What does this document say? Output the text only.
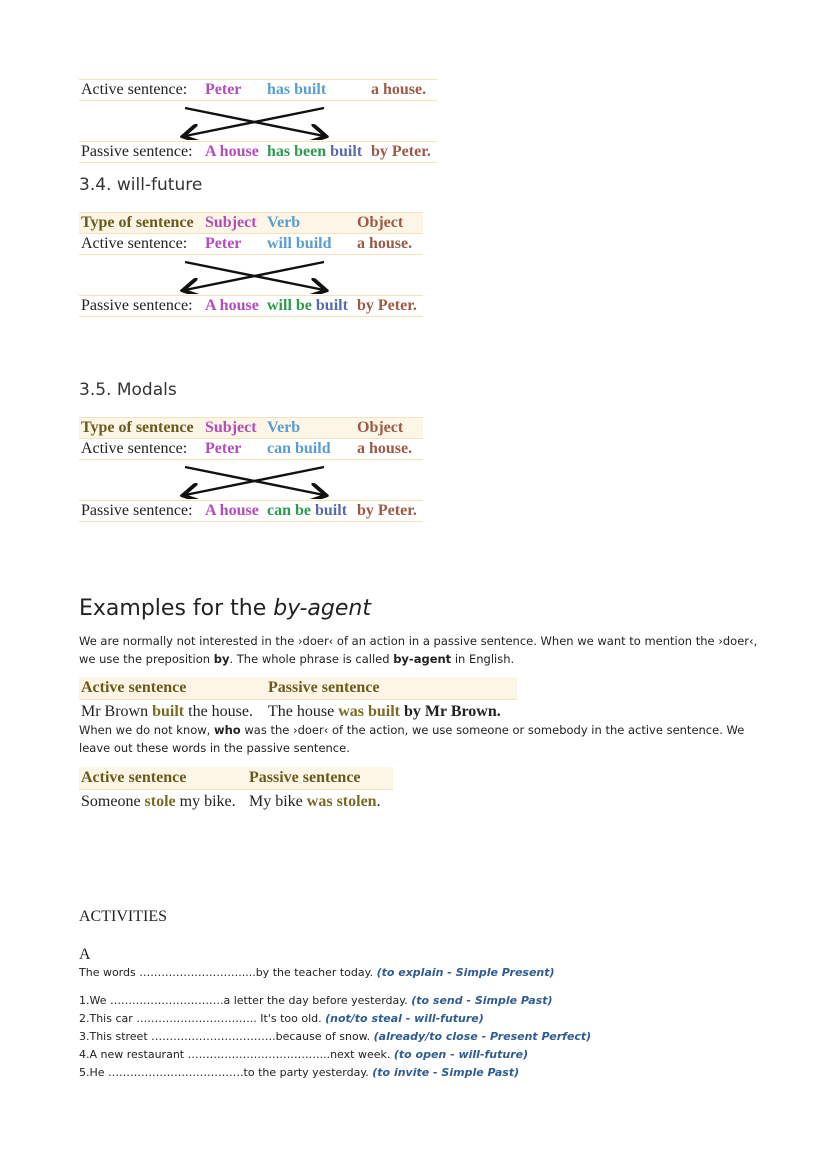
Active sentence:	Peter	has built	a house.

Passive sentence:	A house	has been built	by Peter.
3.4. will-future
Type of sentence	Subject	Verb	Object
Active sentence:	Peter	will build	a house.

Passive sentence:	A house	will be built	by Peter.
3.5. Modals
Type of sentence	Subject	Verb	Object
Active sentence:	Peter	can build	a house.

Passive sentence:	A house	can be built	by Peter.
Examples for the by-agent
We are normally not interested in the ›doer‹ of an action in a passive sentence. When we want to mention the ›doer‹, we use the preposition by. The whole phrase is called by-agent in English.
Active sentence	Passive sentence
Mr Brown built the house.	The house was built by Mr Brown.
When we do not know, who was the ›doer‹ of the action, we use someone or somebody in the active sentence. We leave out these words in the passive sentence.
Active sentence	Passive sentence
Someone stole my bike.	My bike was stolen.
ACTIVITIES
A
The words ……………………….....by the teacher today. (to explain - Simple Present)
1.We ………………………….a letter the day before yesterday. (to send - Simple Past)
2.This car …………………………... It's too old. (not/to steal - will-future)
3.This street …………………………….because of snow. (already/to close - Present Perfect)
4.A new restaurant ………………………………...next week. (to open - will-future)
5.He ……………………………….to the party yesterday. (to invite - Simple Past)
